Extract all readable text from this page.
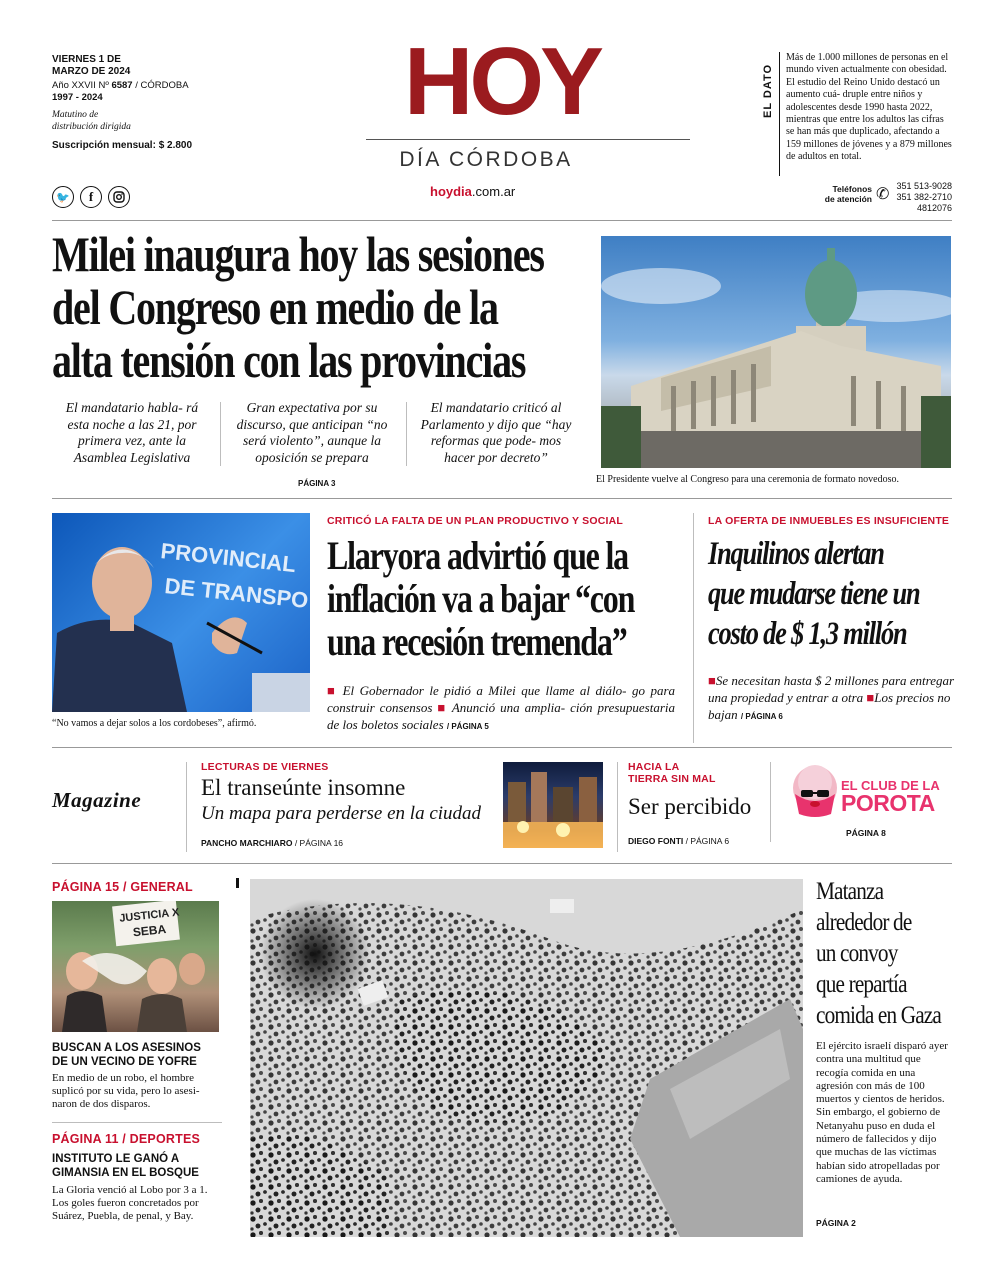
VIERNES 1 DE
MARZO DE 2024
Año XXVII Nº 6587 / CÓRDOBA
1997 - 2024
Matutino de
distribución dirigida
Suscripción mensual: $ 2.800
🐦	f
HOY
DÍA CÓRDOBA
hoydia.com.ar
EL DATO
Más de 1.000 millones de personas en el mundo viven actualmente con obesidad. El estudio del Reino Unido destacó un aumento cuá- druple entre niños y adolescentes desde 1990 hasta 2022, mientras que entre los adultos las cifras se han más que duplicado, afectando a 159 millones de jóvenes y a 879 millones de adultos en total.
Teléfonos
de atención ✆ 351 513-9028
351 382-2710
4812076
Milei inaugura hoy las sesiones
del Congreso en medio de la
alta tensión con las provincias
El mandatario habla- rá esta noche a las 21, por primera vez, ante la Asamblea Legislativa
Gran expectativa por su discurso, que anticipan “no será violento”, aunque la oposición se prepara
El mandatario criticó al Parlamento y dijo que “hay reformas que pode- mos hacer por decreto”
PÁGINA 3	El Presidente vuelve al Congreso para una ceremonia de formato novedoso.
PROVINCIAL
DE TRANSPO
“No vamos a dejar solos a los cordobeses”, afirmó.
CRITICÓ LA FALTA DE UN PLAN PRODUCTIVO Y SOCIAL
Llaryora advirtió que la
inflación va a bajar “con
una recesión tremenda”
■ El Gobernador le pidió a Milei que llame al diálo- go para construir consensos ■ Anunció una amplia- ción presupuestaria de los boletos sociales / PÁGINA 5
LA OFERTA DE INMUEBLES ES INSUFICIENTE
Inquilinos alertan
que mudarse tiene un
costo de $ 1,3 millón
■Se necesitan hasta $ 2 millones para entregar una propiedad y entrar a otra ■Los precios no bajan / PÁGINA 6
Magazine
LECTURAS DE VIERNES
El transeúnte insomne
Un mapa para perderse en la ciudad
PANCHO MARCHIARO / PÁGINA 16
HACIA LA
TIERRA SIN MAL
Ser percibido
DIEGO FONTI / PÁGINA 6
EL CLUB DE LA
POROTA
PÁGINA 8
PÁGINA 15 / GENERAL
JUSTICIA X
SEBA
BUSCAN A LOS ASESINOS
DE UN VECINO DE YOFRE
En medio de un robo, el hombre suplicó por su vida, pero lo asesi- naron de dos disparos.
PÁGINA 11 / DEPORTES
INSTITUTO LE GANÓ A
GIMANSIA EN EL BOSQUE
La Gloria venció al Lobo por 3 a 1. Los goles fueron concretados por Suárez, Puebla, de penal, y Bay.
Matanza
alrededor de
un convoy
que repartía
comida en Gaza
El ejército israelí disparó ayer contra una multitud que recogía comida en una agresión con más de 100 muertos y cientos de heridos. Sin embargo, el gobierno de Netanyahu puso en duda el número de fallecidos y dijo que muchas de las víctimas habían sido atropelladas por camiones de ayuda.
PÁGINA 2
